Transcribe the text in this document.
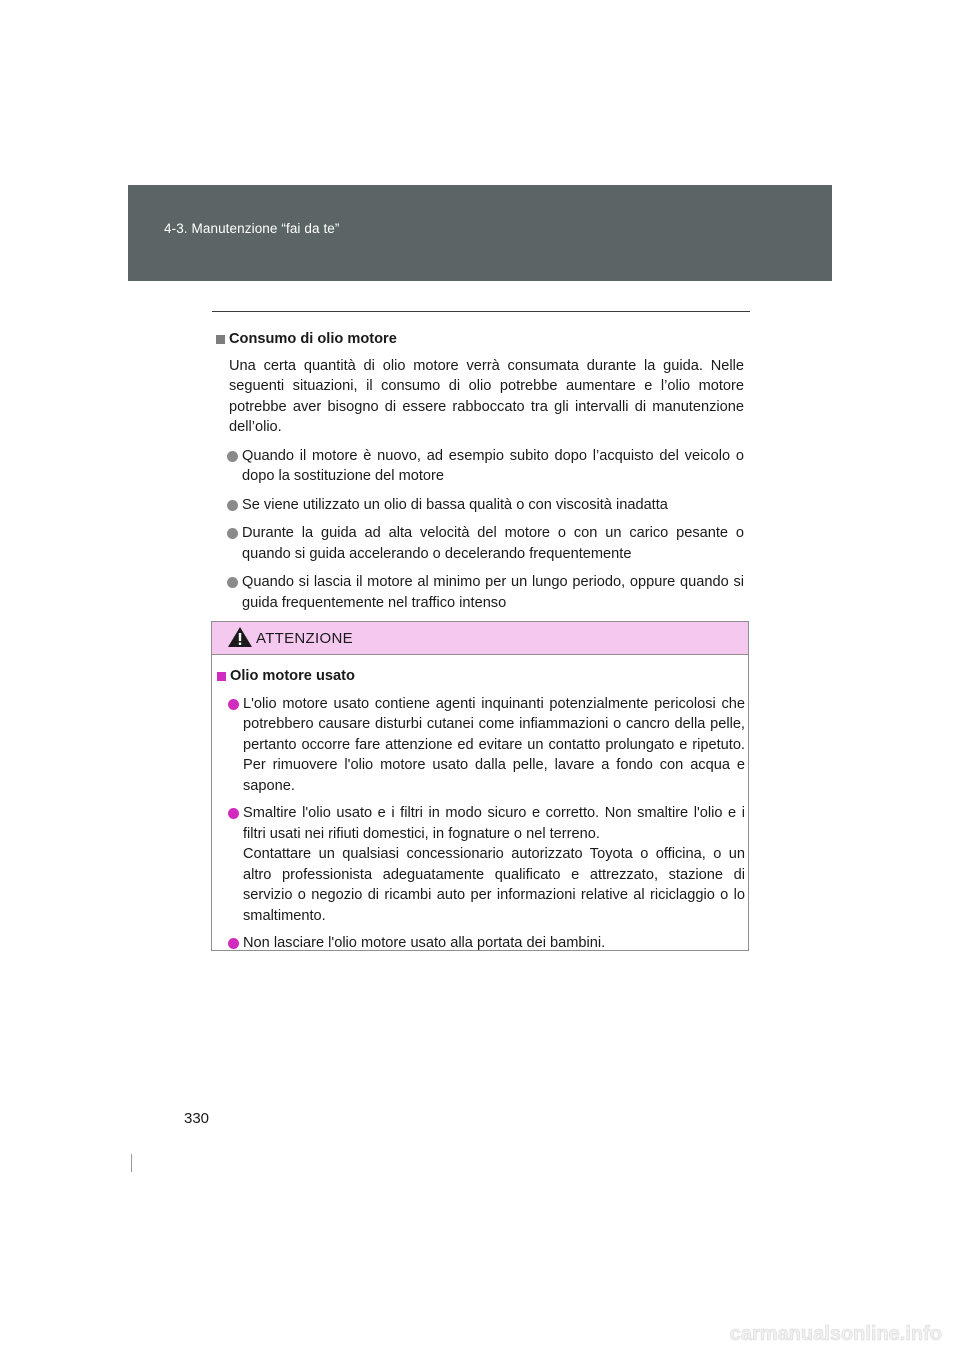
4-3. Manutenzione “fai da te”

Consumo di olio motore

Una certa quantità di olio motore verrà consumata durante la guida. Nelle seguenti situazioni, il consumo di olio potrebbe aumentare e l’olio motore potrebbe aver bisogno di essere rabboccato tra gli intervalli di manutenzione dell’olio.

Quando il motore è nuovo, ad esempio subito dopo l’acquisto del veicolo o dopo la sostituzione del motore
Se viene utilizzato un olio di bassa qualità o con viscosità inadatta
Durante la guida ad alta velocità del motore o con un carico pesante o quando si guida accelerando o decelerando frequentemente
Quando si lascia il motore al minimo per un lungo periodo, oppure quando si guida frequentemente nel traffico intenso
ATTENZIONE

Olio motore usato

L'olio motore usato contiene agenti inquinanti potenzialmente pericolosi che potrebbero causare disturbi cutanei come infiammazioni o cancro della pelle, pertanto occorre fare attenzione ed evitare un contatto prolungato e ripetuto. Per rimuovere l'olio motore usato dalla pelle, lavare a fondo con acqua e sapone.
Smaltire l'olio usato e i filtri in modo sicuro e corretto. Non smaltire l'olio e i filtri usati nei rifiuti domestici, in fognature o nel terreno.
Contattare un qualsiasi concessionario autorizzato Toyota o officina, o un altro professionista adeguatamente qualificato e attrezzato, stazione di servizio o negozio di ricambi auto per informazioni relative al riciclaggio o lo smaltimento.
Non lasciare l'olio motore usato alla portata dei bambini.
330
carmanualsonline.info
